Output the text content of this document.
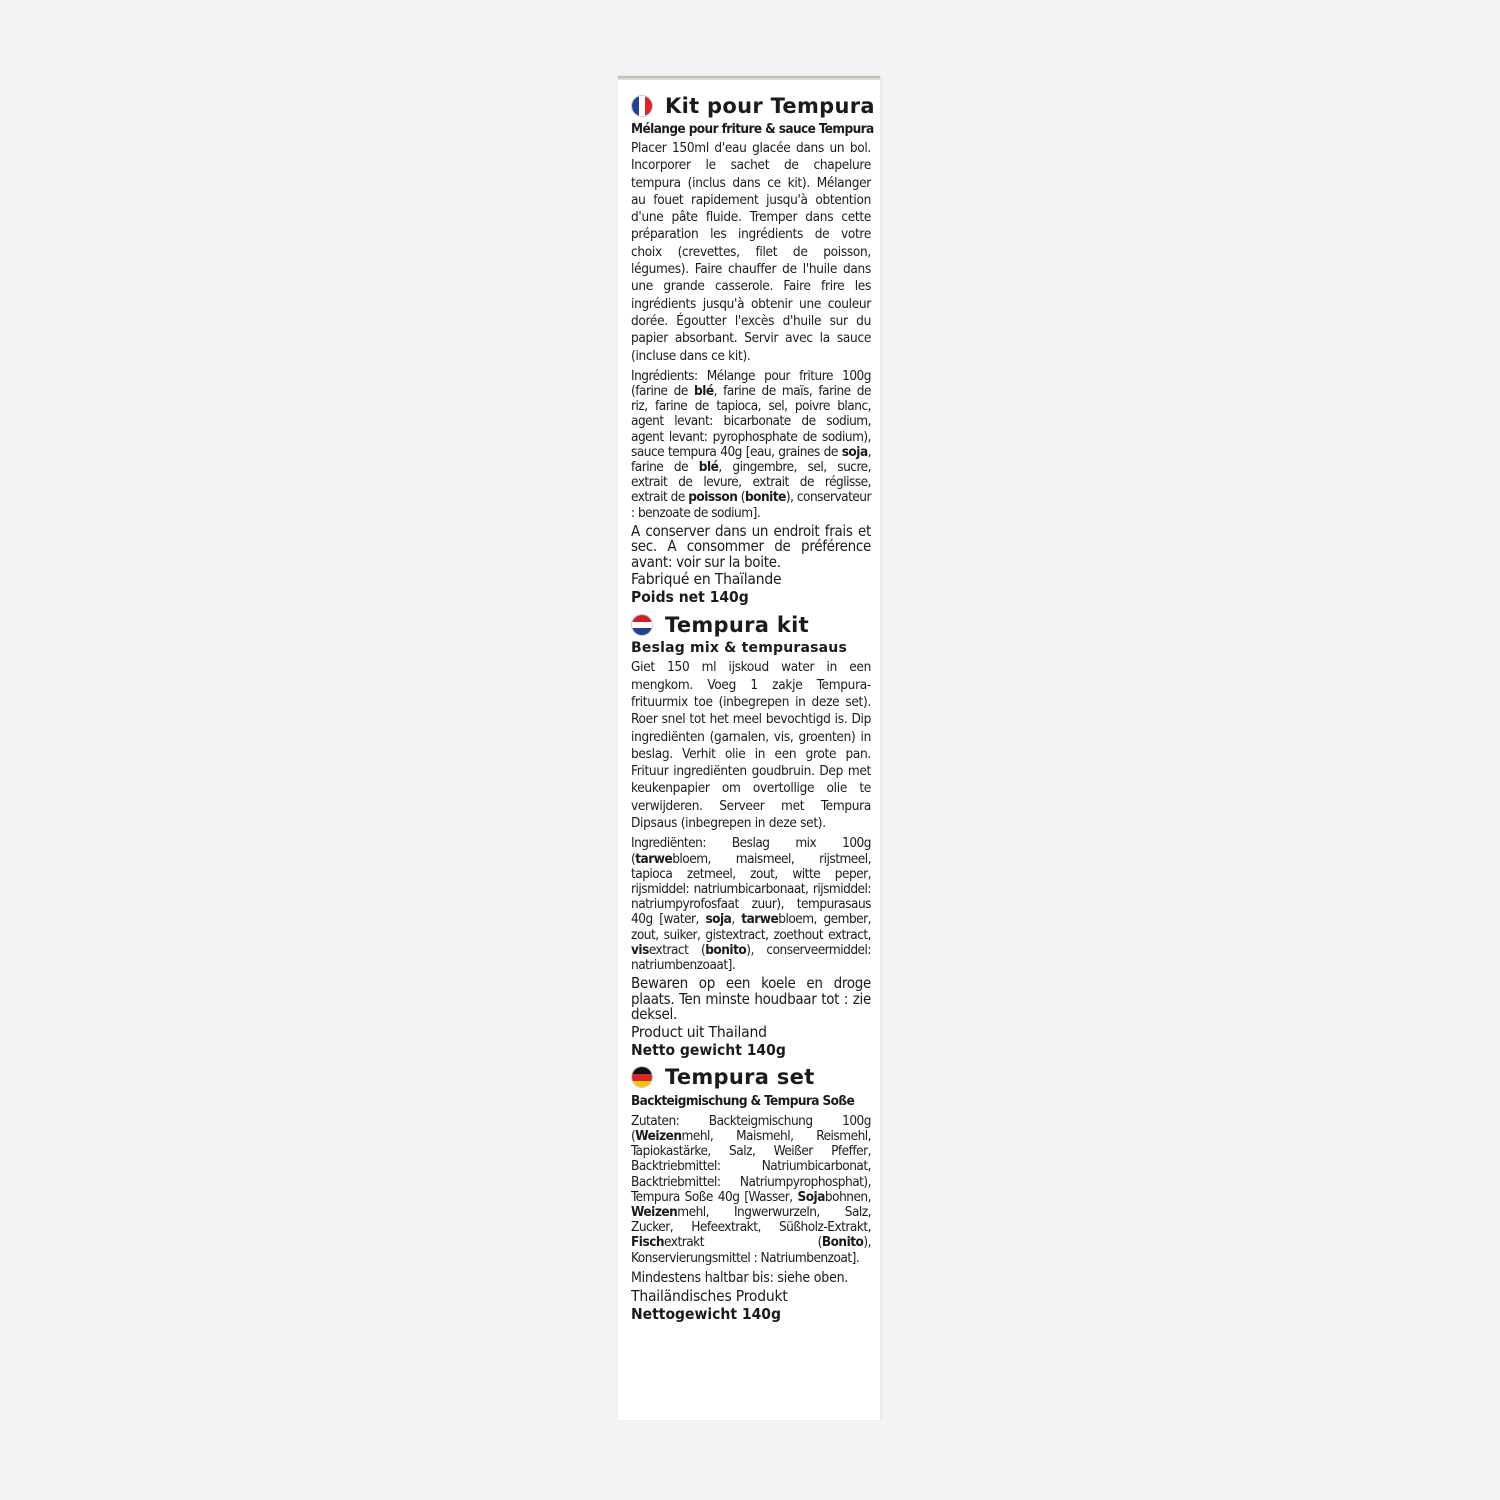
Kit pour Tempura
Mélange pour friture & sauce Tempura

Placer 150ml d'eau glacée dans un bol. Incorporer le sachet de chapelure tempura (inclus dans ce kit). Mélanger au fouet rapidement jusqu'à obtention d'une pâte fluide. Tremper dans cette préparation les ingrédients de votre choix (crevettes, filet de poisson, légumes). Faire chauffer de l'huile dans une grande casserole. Faire frire les ingrédients jusqu'à obtenir une couleur dorée. Égoutter l'excès d'huile sur du papier absorbant. Servir avec la sauce (incluse dans ce kit).

Ingrédients: Mélange pour friture 100g (farine de blé, farine de maïs, farine de riz, farine de tapioca, sel, poivre blanc, agent levant: bicarbonate de sodium, agent levant: pyrophosphate de sodium), sauce tempura 40g [eau, graines de soja, farine de blé, gingembre, sel, sucre, extrait de levure, extrait de réglisse, extrait de poisson (bonite), conservateur : benzoate de sodium].

A conserver dans un endroit frais et sec. A consommer de préférence avant: voir sur la boite.

Fabriqué en Thaïlande
Poids net 140g
Tempura kit
Beslag mix & tempurasaus

Giet 150 ml ijskoud water in een mengkom. Voeg 1 zakje Tempura-frituurmix toe (inbegrepen in deze set). Roer snel tot het meel bevochtigd is. Dip ingrediënten (garnalen, vis, groenten) in beslag. Verhit olie in een grote pan. Frituur ingrediënten goudbruin. Dep met keukenpapier om overtollige olie te verwijderen. Serveer met Tempura Dipsaus (inbegrepen in deze set).

Ingrediënten: Beslag mix 100g (tarwebloem, maismeel, rijstmeel, tapioca zetmeel, zout, witte peper, rijsmiddel: natriumbicarbonaat, rijsmiddel: natriumpyrofosfaat zuur), tempurasaus 40g [water, soja, tarwebloem, gember, zout, suiker, gistextract, zoethout extract, visextract (bonito), conserveermiddel: natriumbenzoaat].

Bewaren op een koele en droge plaats. Ten minste houdbaar tot : zie deksel.

Product uit Thailand
Netto gewicht 140g
Tempura set
Backteigmischung & Tempura Soße

Zutaten: Backteigmischung 100g (Weizenmehl, Maismehl, Reismehl, Tapiokastärke, Salz, Weißer Pfeffer, Backtriebmittel: Natriumbicarbonat, Backtriebmittel: Natriumpyrophosphat), Tempura Soße 40g [Wasser, Sojabohnen, Weizenmehl, Ingwerwurzeln, Salz, Zucker, Hefeextrakt, Süßholz-Extrakt, Fischextrakt (Bonito), Konservierungsmittel : Natriumbenzoat].

Mindestens haltbar bis: siehe oben.
Thailändisches Produkt
Nettogewicht 140g
